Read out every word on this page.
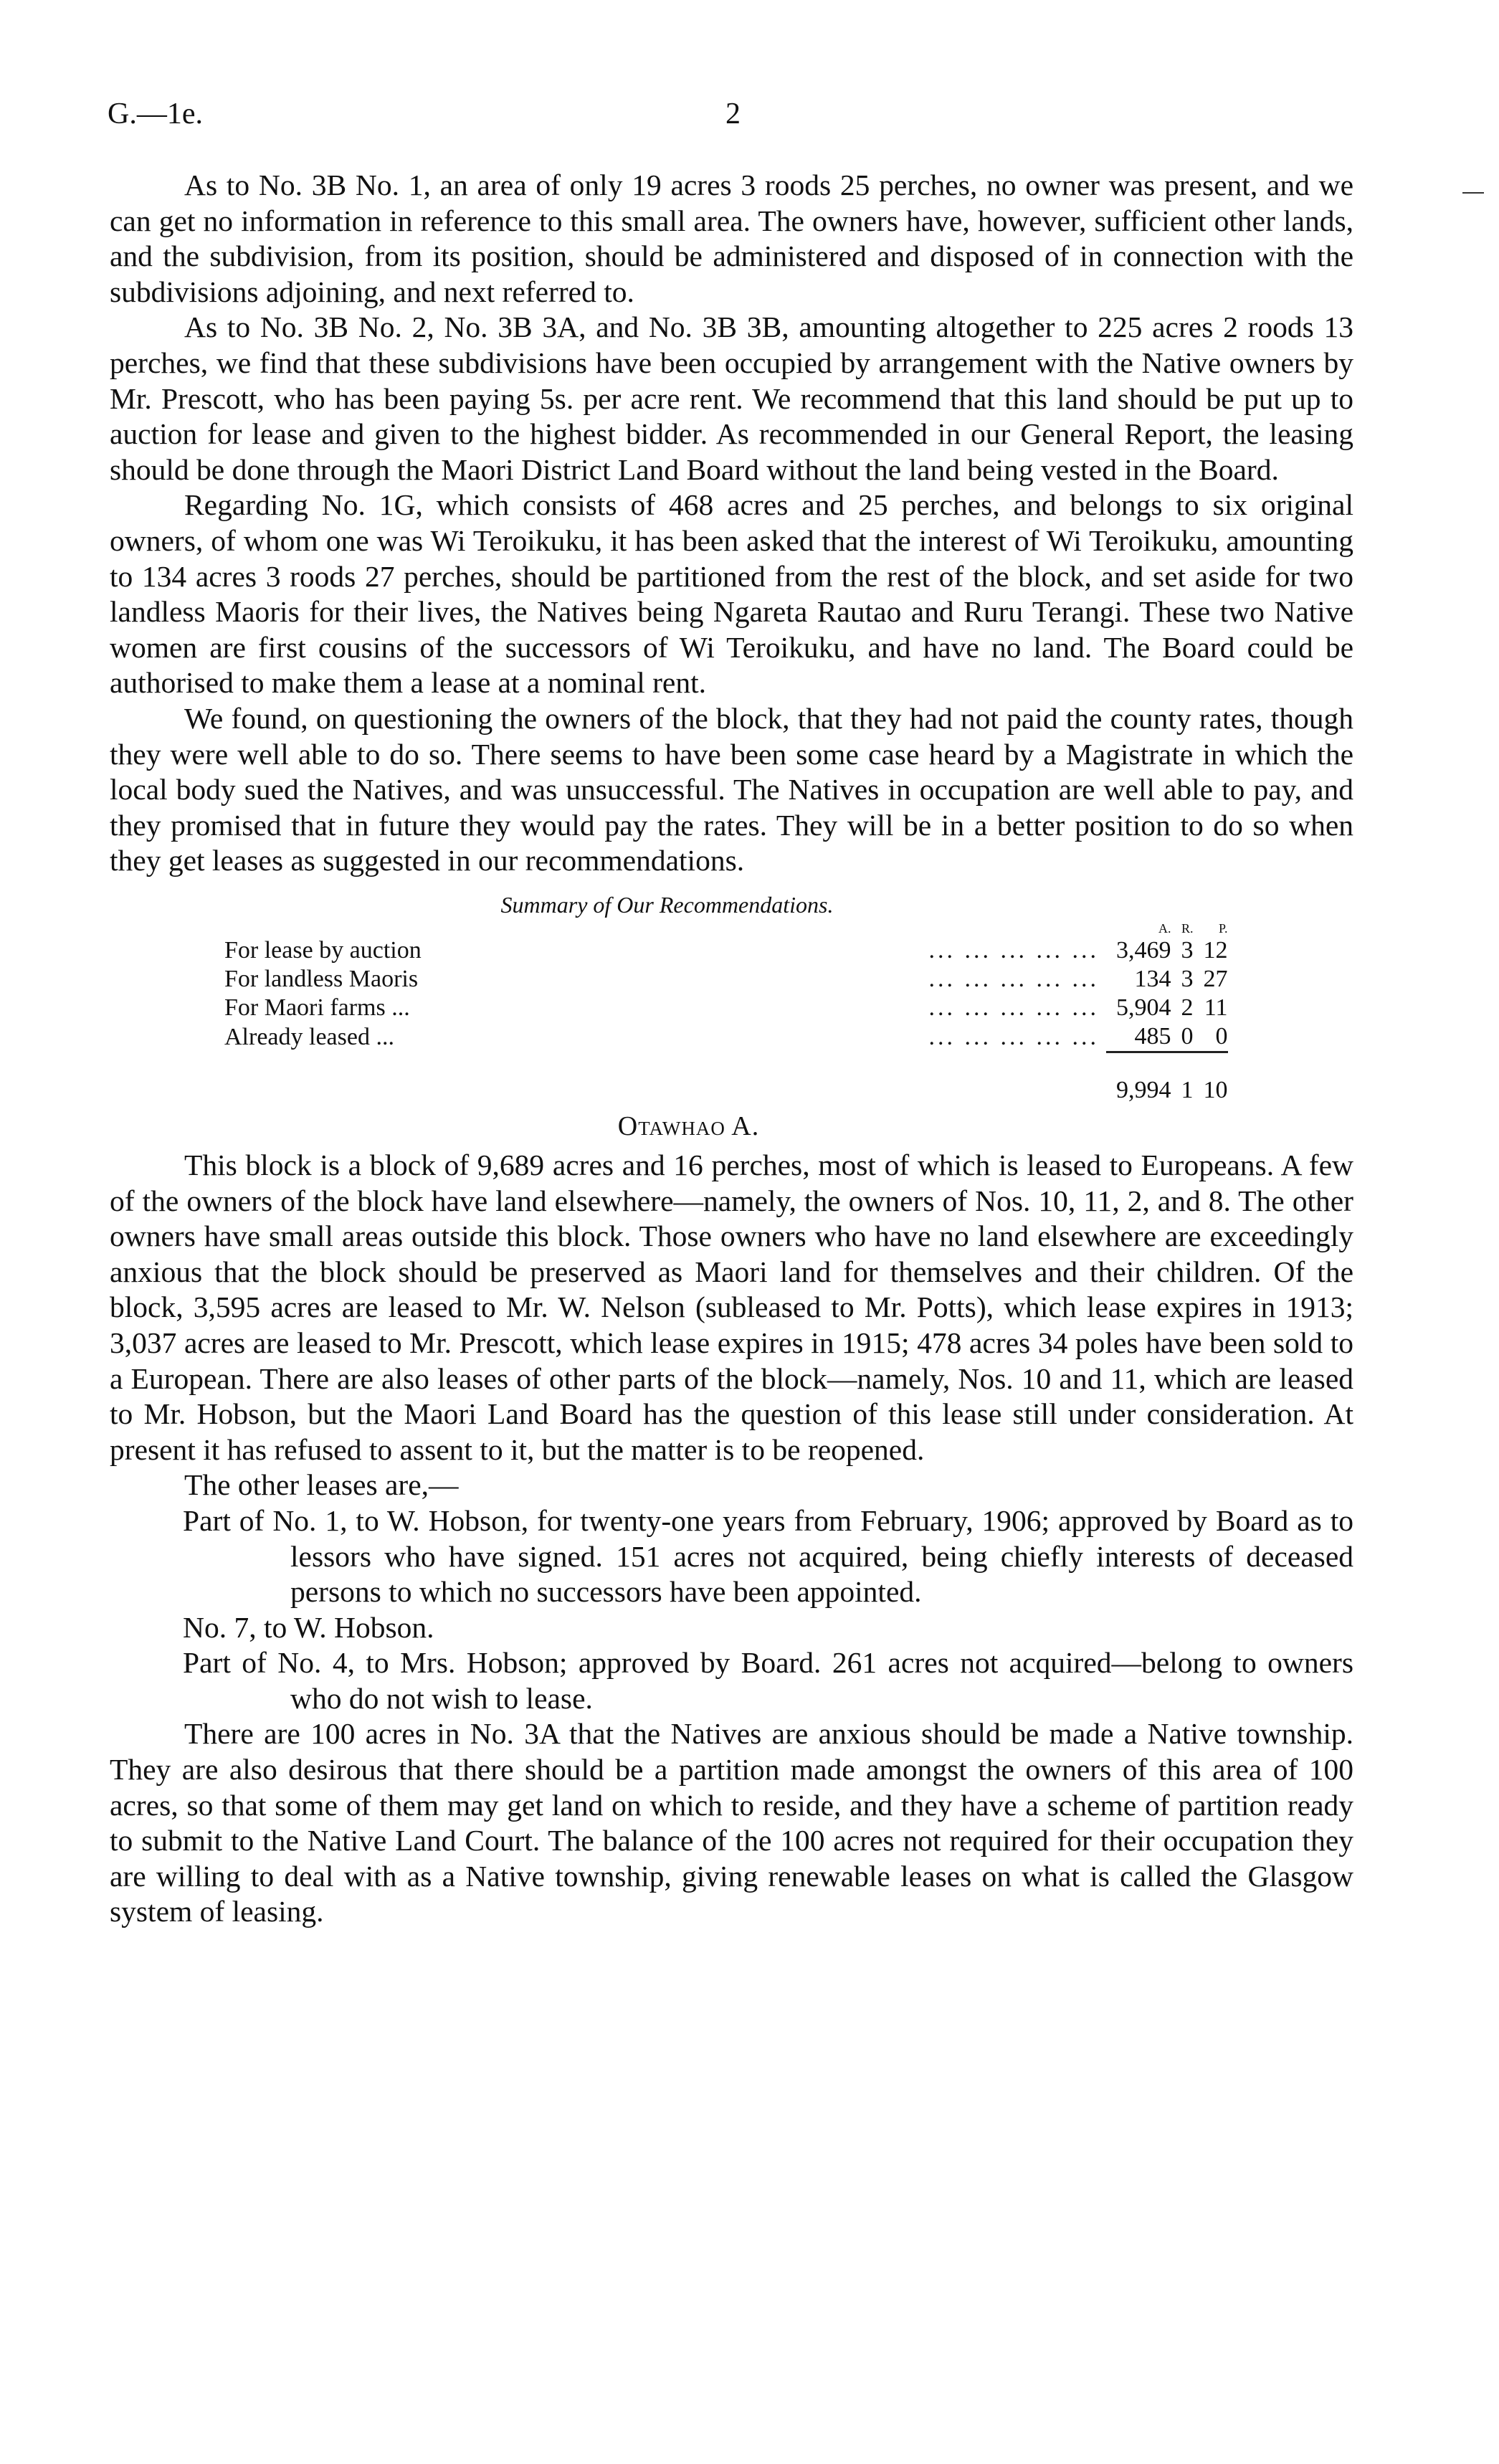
G.—1e.	2

As to No. 3B No. 1, an area of only 19 acres 3 roods 25 perches, no owner was present, and we can get no information in reference to this small area. The owners have, however, sufficient other lands, and the subdivision, from its position, should be administered and disposed of in connection with the subdivisions adjoining, and next referred to.

As to No. 3B No. 2, No. 3B 3A, and No. 3B 3B, amounting altogether to 225 acres 2 roods 13 perches, we find that these subdivisions have been occupied by arrangement with the Native owners by Mr. Prescott, who has been paying 5s. per acre rent. We recommend that this land should be put up to auction for lease and given to the highest bidder. As recommended in our General Report, the leasing should be done through the Maori District Land Board without the land being vested in the Board.

Regarding No. 1G, which consists of 468 acres and 25 perches, and belongs to six original owners, of whom one was Wi Teroikuku, it has been asked that the interest of Wi Teroikuku, amounting to 134 acres 3 roods 27 perches, should be partitioned from the rest of the block, and set aside for two landless Maoris for their lives, the Natives being Ngareta Rautao and Ruru Terangi. These two Native women are first cousins of the successors of Wi Teroikuku, and have no land. The Board could be authorised to make them a lease at a nominal rent.

We found, on questioning the owners of the block, that they had not paid the county rates, though they were well able to do so. There seems to have been some case heard by a Magistrate in which the local body sued the Natives, and was unsuccessful. The Natives in occupation are well able to pay, and they promised that in future they would pay the rates. They will be in a better position to do so when they get leases as suggested in our recommendations.

Summary of Our Recommendations.
		A.	R.	P.
For lease by auction	... ... ... ... ...	3,469	3	12
For landless Maoris	... ... ... ... ...	134	3	27
For Maori farms ...	... ... ... ... ...	5,904	2	11
Already leased ...	... ... ... ... ...	485	0	0

		9,994	1	10
Otawhao A.

This block is a block of 9,689 acres and 16 perches, most of which is leased to Europeans. A few of the owners of the block have land elsewhere—namely, the owners of Nos. 10, 11, 2, and 8. The other owners have small areas outside this block. Those owners who have no land elsewhere are exceedingly anxious that the block should be preserved as Maori land for themselves and their children. Of the block, 3,595 acres are leased to Mr. W. Nelson (subleased to Mr. Potts), which lease expires in 1913; 3,037 acres are leased to Mr. Prescott, which lease expires in 1915; 478 acres 34 poles have been sold to a European. There are also leases of other parts of the block—namely, Nos. 10 and 11, which are leased to Mr. Hobson, but the Maori Land Board has the question of this lease still under consideration. At present it has refused to assent to it, but the matter is to be reopened.

The other leases are,—

Part of No. 1, to W. Hobson, for twenty-one years from February, 1906; approved by Board as to lessors who have signed. 151 acres not acquired, being chiefly interests of deceased persons to which no successors have been appointed.

No. 7, to W. Hobson.

Part of No. 4, to Mrs. Hobson; approved by Board. 261 acres not acquired—belong to owners who do not wish to lease.

There are 100 acres in No. 3A that the Natives are anxious should be made a Native township. They are also desirous that there should be a partition made amongst the owners of this area of 100 acres, so that some of them may get land on which to reside, and they have a scheme of partition ready to submit to the Native Land Court. The balance of the 100 acres not required for their occupation they are willing to deal with as a Native township, giving renewable leases on what is called the Glasgow system of leasing.
